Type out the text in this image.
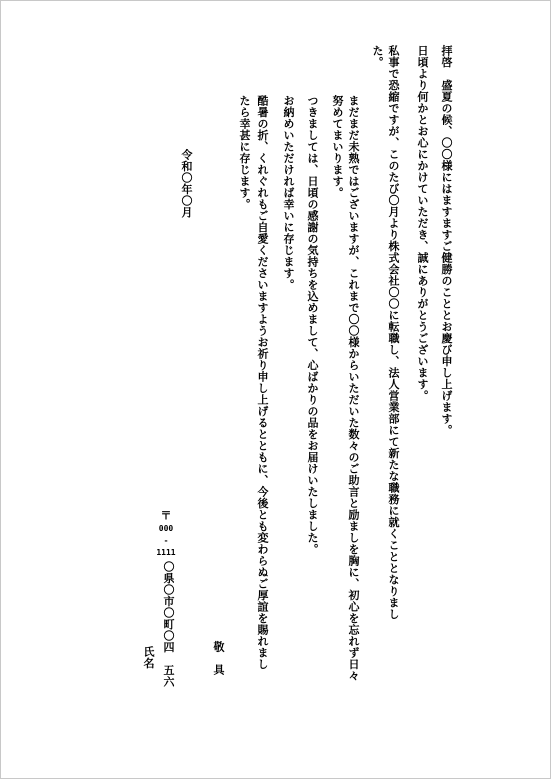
拝啓　盛夏の候、〇〇様にはますますご健勝のこととお慶び申し上げます。
日頃より何かとお心にかけていただき、誠にありがとうございます。
私事で恐縮ですが、このたび〇月より株式会社〇〇に転職し、法人営業部にて新たな職務に就くこととなりまし
た。
まだまだ未熟ではございますが、これまで〇〇様からいただいた数々のご助言と励ましを胸に、初心を忘れず日々
努めてまいります。
つきましては、日頃の感謝の気持ちを込めまして、心ばかりの品をお届けいたしました。
お納めいただければ幸いに存じます。
酷暑の折、くれぐれもご自愛くださいますようお祈り申し上げるとともに、今後とも変わらぬご厚誼を賜れまし
たら幸甚に存じます。
敬　具
令和〇年〇月
〒
000
-
1111
〇県〇市〇町〇四　五六
氏名
